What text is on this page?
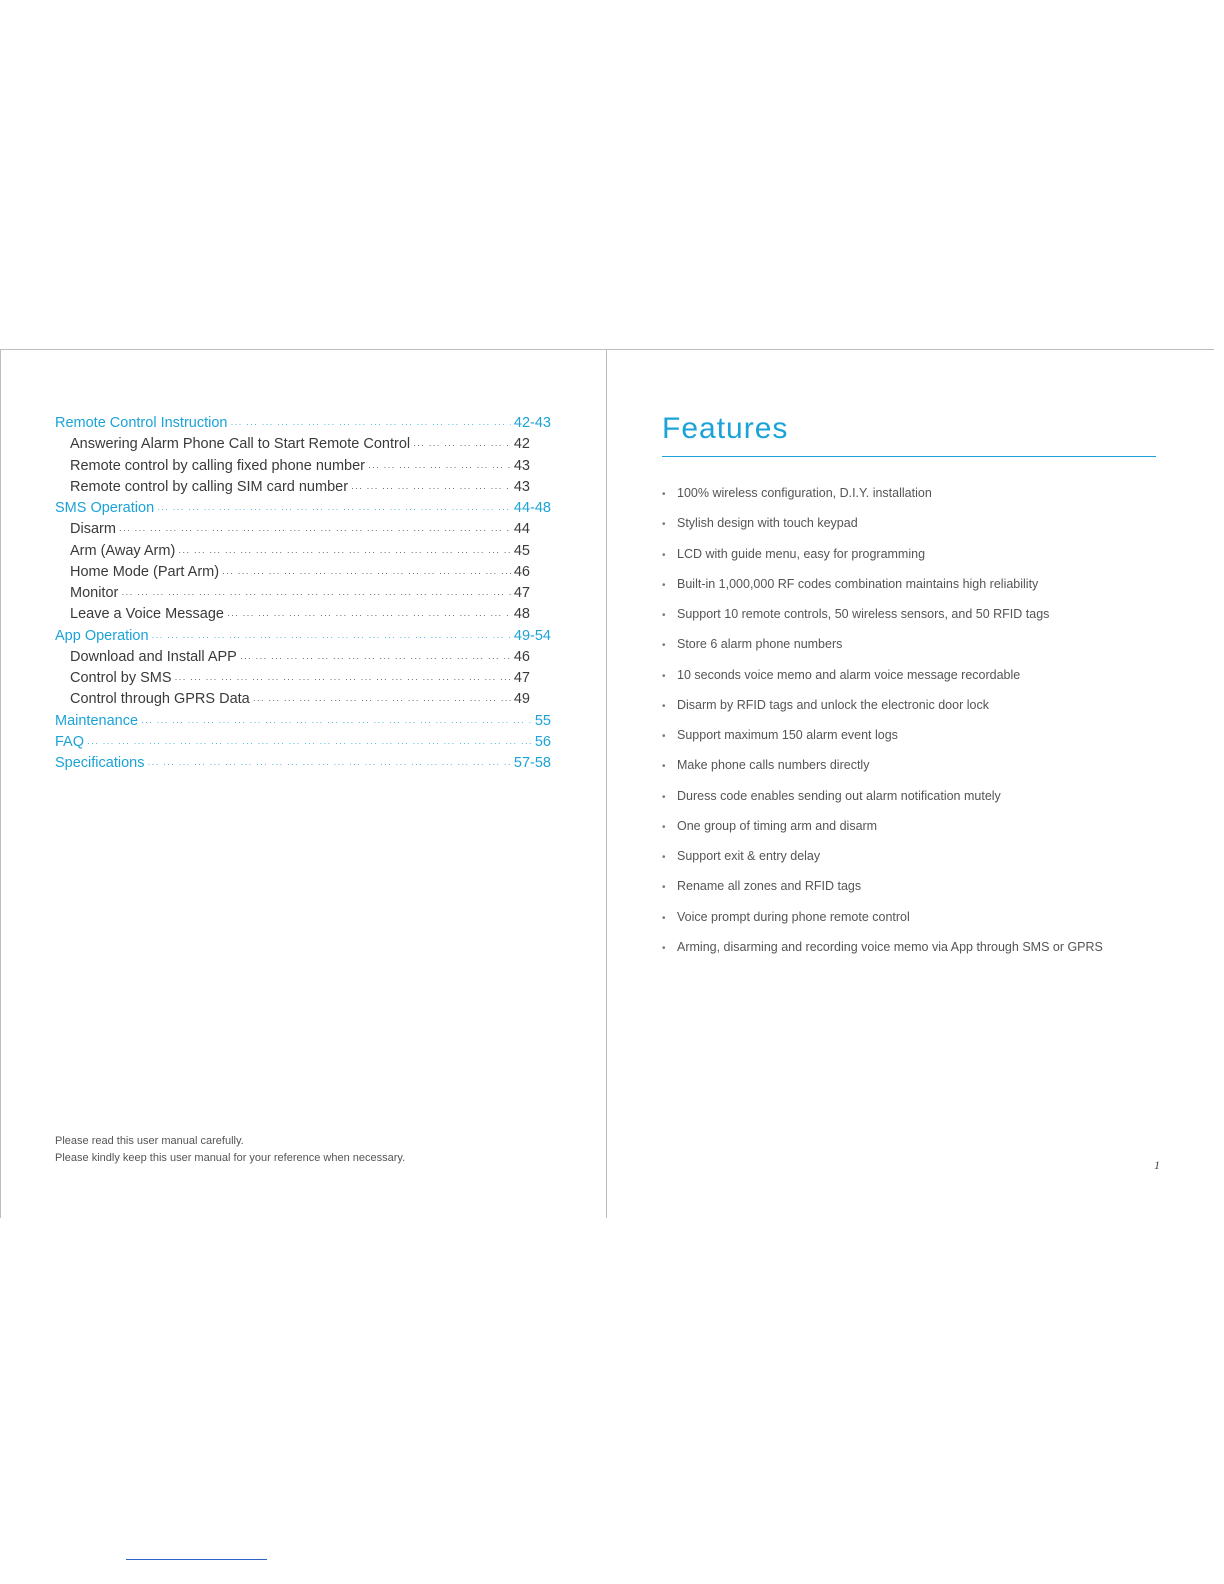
Remote Control Instruction ··· ·	42-43
Answering Alarm Phone Call to Start Remote Control ··· ·	42
Remote control by calling fixed phone number ··· ·	43
Remote control by calling SIM card number ··· ·	43
SMS Operation ··· ·	44-48
Disarm ··· ·	44
Arm (Away Arm) ··· ·	45
Home Mode (Part Arm) ··· ·	46
Monitor ··· ·	47
Leave a Voice Message ··· ·	48
App Operation ··· ·	49-54
Download and Install APP ··· ·	46
Control by SMS ··· ·	47
Control through GPRS Data ··· ·	49
Maintenance ··· ·	55
FAQ ··· ·	56
Specifications ··· ·	57-58
Please read this user manual carefully.
Please kindly keep this user manual for your reference when necessary.
Features
• 100% wireless configuration, D.I.Y. installation
• Stylish design with touch keypad
• LCD with guide menu, easy for programming
• Built-in 1,000,000 RF codes combination maintains high reliability
• Support 10 remote controls, 50 wireless sensors, and 50 RFID tags
• Store 6 alarm phone numbers
• 10 seconds voice memo and alarm voice message recordable
• Disarm by RFID tags and unlock the electronic door lock
• Support maximum 150 alarm event logs
• Make phone calls numbers directly
• Duress code enables sending out alarm notification mutely
• One group of timing arm and disarm
• Support exit & entry delay
• Rename all zones and RFID tags
• Voice prompt during phone remote control
• Arming, disarming and recording voice memo via App through SMS or GPRS
1
